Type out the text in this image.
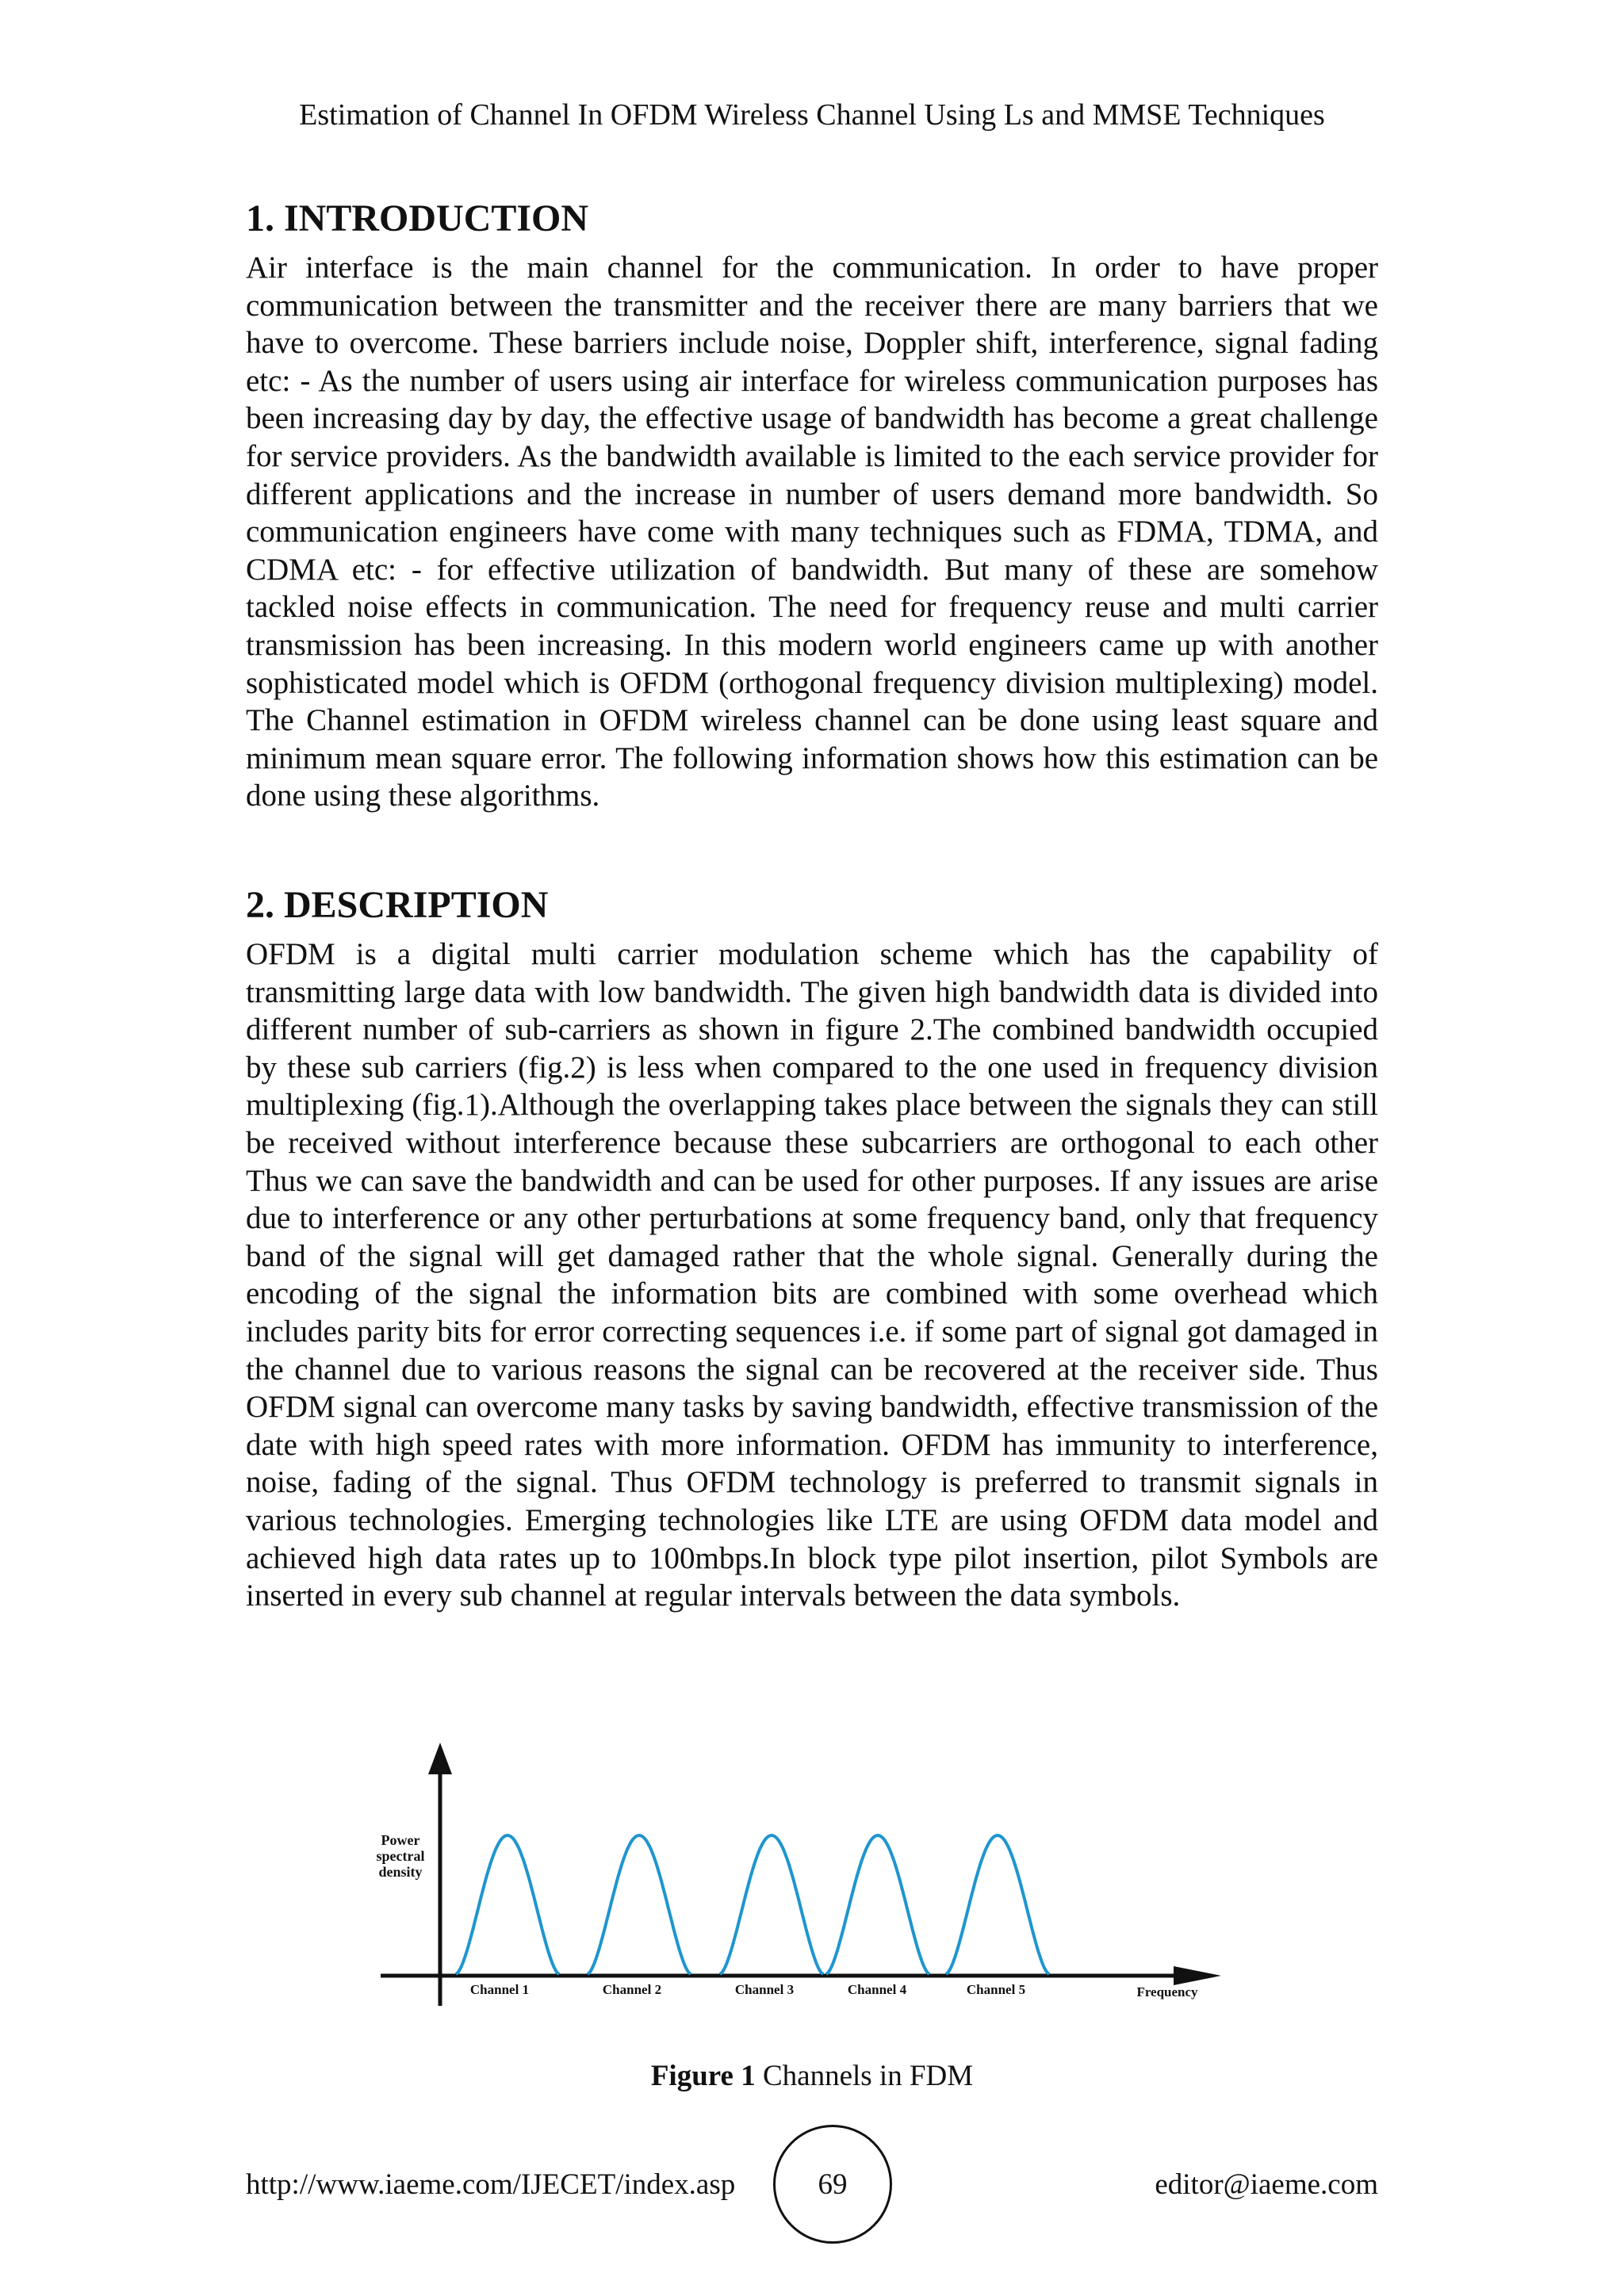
Estimation of Channel In OFDM Wireless Channel Using Ls and MMSE Techniques
1. INTRODUCTION

Air interface is the main channel for the communication. In order to have proper communication between the transmitter and the receiver there are many barriers that we have to overcome. These barriers include noise, Doppler shift, interference, signal fading etc: - As the number of users using air interface for wireless communication purposes has been increasing day by day, the effective usage of bandwidth has become a great challenge for service providers. As the bandwidth available is limited to the each service provider for different applications and the increase in number of users demand more bandwidth. So communication engineers have come with many techniques such as FDMA, TDMA, and CDMA etc: - for effective utilization of bandwidth. But many of these are somehow tackled noise effects in communication. The need for frequency reuse and multi carrier transmission has been increasing. In this modern world engineers came up with another sophisticated model which is OFDM (orthogonal frequency division multiplexing) model. The Channel estimation in OFDM wireless channel can be done using least square and minimum mean square error. The following information shows how this estimation can be done using these algorithms.

2. DESCRIPTION

OFDM is a digital multi carrier modulation scheme which has the capability of transmitting large data with low bandwidth. The given high bandwidth data is divided into different number of sub-carriers as shown in figure 2.The combined bandwidth occupied by these sub carriers (fig.2) is less when compared to the one used in frequency division multiplexing (fig.1).Although the overlapping takes place between the signals they can still be received without interference because these subcarriers are orthogonal to each other Thus we can save the bandwidth and can be used for other purposes. If any issues are arise due to interference or any other perturbations at some frequency band, only that frequency band of the signal will get damaged rather that the whole signal. Generally during the encoding of the signal the information bits are combined with some overhead which includes parity bits for error correcting sequences i.e. if some part of signal got damaged in the channel due to various reasons the signal can be recovered at the receiver side. Thus OFDM signal can overcome many tasks by saving bandwidth, effective transmission of the date with high speed rates with more information. OFDM has immunity to interference, noise, fading of the signal. Thus OFDM technology is preferred to transmit signals in various technologies. Emerging technologies like LTE are using OFDM data model and achieved high data rates up to 100mbps.In block type pilot insertion, pilot Symbols are inserted in every sub channel at regular intervals between the data symbols.

Power
spectral
density
Channel 1	Channel 2	Channel 3	Channel 4	Channel 5	Frequency
Figure 1 Channels in FDM
http://www.iaeme.com/IJECET/index.asp	69	editor@iaeme.com
